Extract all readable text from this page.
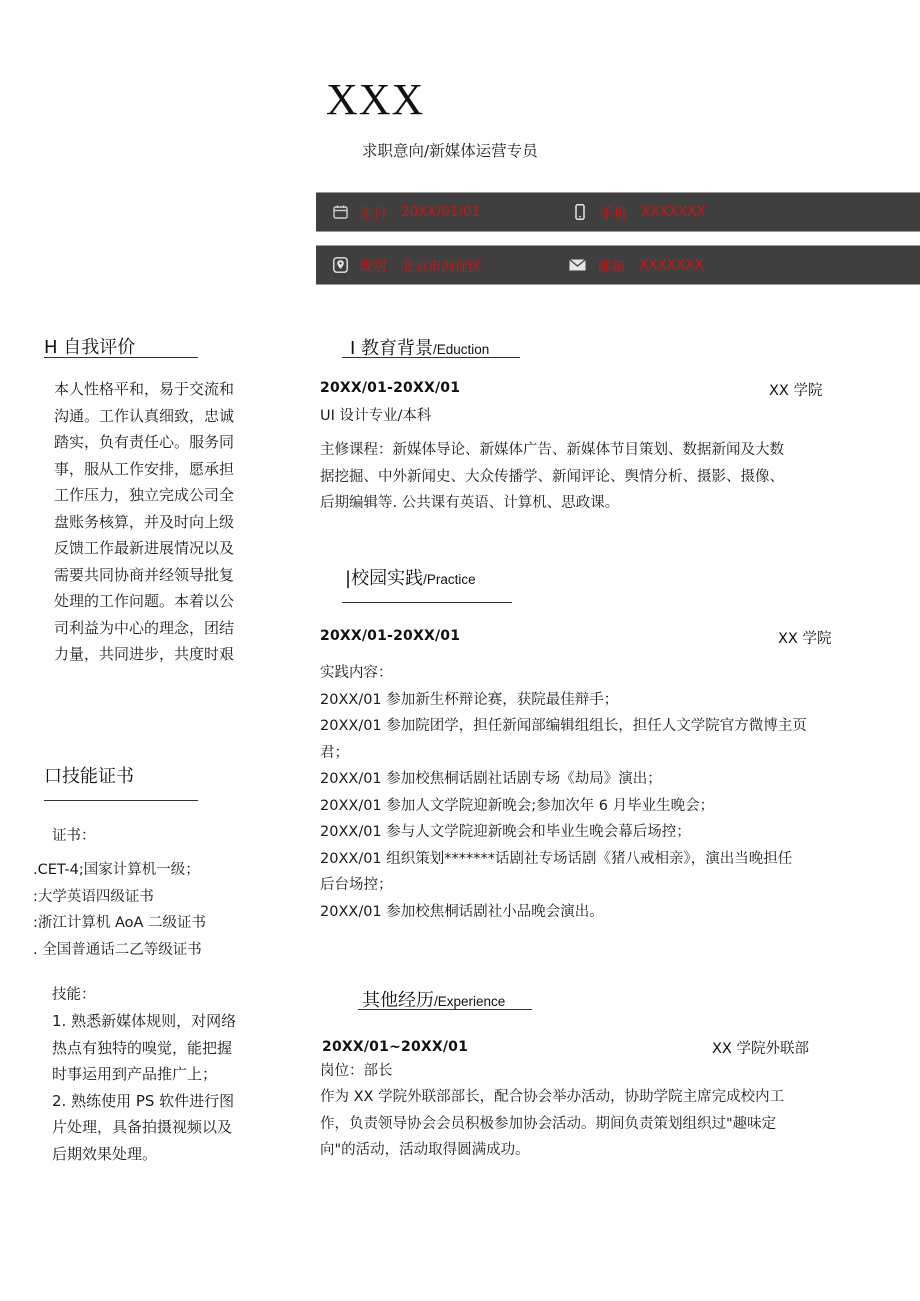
XXX
求职意向/新媒体运营专员
生日 20XX/01/01	手机 XXXXXXX
现居 北京市海淀区	邮箱 XXXXXXX
H 自我评价
本人性格平和，易于交流和
沟通。工作认真细致，忠诚
踏实，负有责任心。服务同
事，服从工作安排，愿承担
工作压力，独立完成公司全
盘账务核算，并及时向上级
反馈工作最新进展情况以及
需要共同协商并经领导批复
处理的工作问题。本着以公
司利益为中心的理念，团结
力量，共同进步，共度时艰
口技能证书
证书：
.CET-4;国家计算机一级；
:大学英语四级证书
:浙江计算机 AoA 二级证书
. 全国普通话二乙等级证书
技能：
1. 熟悉新媒体规则，对网络
热点有独特的嗅觉，能把握
时事运用到产品推广上；
2. 熟练使用 PS 软件进行图
片处理，具备拍摄视频以及
后期效果处理。
I 教育背景/Eduction
20XX/01-20XX/01	XX 学院
UI 设计专业/本科
主修课程：新媒体导论、新媒体广告、新媒体节目策划、数据新闻及大数
据挖掘、中外新闻史、大众传播学、新闻评论、舆情分析、摄影、摄像、
后期编辑等. 公共课有英语、计算机、思政课。
|校园实践/Practice
20XX/01-20XX/01	XX 学院
实践内容：
20XX/01 参加新生杯辩论赛，获院最佳辩手；
20XX/01 参加院团学，担任新闻部编辑组组长，担任人文学院官方微博主页
君；
20XX/01 参加校焦桐话剧社话剧专场《劫局》演出；
20XX/01 参加人文学院迎新晚会;参加次年 6 月毕业生晚会；
20XX/01 参与人文学院迎新晚会和毕业生晚会幕后场控；
20XX/01 组织策划*******话剧社专场话剧《猪八戒相亲》，演出当晚担任
后台场控；
20XX/01 参加校焦桐话剧社小品晚会演出。
其他经历/Experience
20XX/01~20XX/01	XX 学院外联部
岗位：部长
作为 XX 学院外联部部长，配合协会举办活动，协助学院主席完成校内工
作，负责领导协会会员积极参加协会活动。期间负责策划组织过"趣味定
向"的活动，活动取得圆满成功。
